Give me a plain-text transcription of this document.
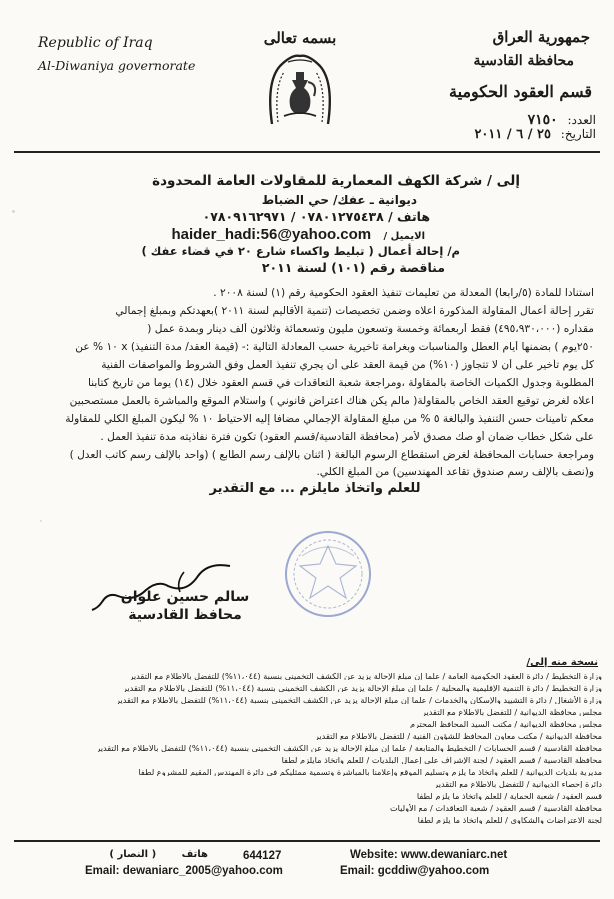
Republic of Iraq
Al-Diwaniya governorate
بسمه تعالى	جمهورية العراق
محافظة القادسية
قسم العقود الحكومية
العدد: ٧١٥٠
التاريخ: ٢٥ / ٦ / ٢٠١١
إلى / شركة الكهف المعمارية للمقاولات العامة المحدودة
ديوانية ـ عفك/ حي الضباط
هاتف / ٠٧٨٠١٢٧٥٤٣٨ / ٠٧٨٠٩١٦٢٩٧١
الايميل / haider_hadi:56@yahoo.com
م/ إحالة أعمال ( تبليط واكساء شارع ٢٠ في قضاء عفك )
مناقصة رقم (١٠١) لسنة ٢٠١١
استنادا للمادة (٥/رابعا) المعدلة من تعليمات تنفيذ العقود الحكومية رقم (١) لسنة ٢٠٠٨ .
تقرر إحالة أعمال المقاولة المذكورة اعلاه وضمن تخصيصات (تنمية الأقاليم لسنة ٢٠١١ )بعهدتكم وبمبلغ إجمالي
مقداره (٤٩٥،٩٣٠،٠٠٠) فقط أربعمائة وخمسة وتسعون مليون وتسعمائة وثلاثون ألف دينار وبمدة عمل (
٢٥٠يوم ) بضمنها أيام العطل والمناسبات وبغرامة تأخيرية حسب المعادلة التالية :- (قيمة العقد/ مدة التنفيذ) x ١٠ % عن
كل يوم تأخير على أن لا تتجاوز (١٠%) من قيمة العقد على أن يجري تنفيذ العمل وفق الشروط والمواصفات الفنية
المطلوبة وجدول الكميات الخاصة بالمقاولة ،ومراجعة شعبة التعاقدات في قسم العقود خلال (١٤) يوما من تاريخ كتابنا
اعلاه لغرض توقيع العقد الخاص بالمقاولة( مالم يكن هناك اعتراض قانوني ) واستلام الموقع والمباشرة بالعمل مستصحبين
معكم تأمينات حسن التنفيذ والبالغة ٥ % من مبلغ المقاولة الإجمالي مضافا إليه الاحتياط ١٠ % ليكون المبلغ الكلي للمقاولة
على شكل خطاب ضمان أو صك مصدق لأمر (محافظة القادسية/قسم العقود) تكون فترة نفاذيته مدة تنفيذ العمل .
ومراجعة حسابات المحافظة لغرض استقطاع الرسوم البالغة ( اثنان بالإلف رسم الطابع ) (واحد بالإلف رسم كاتب العدل )
و(نصف بالإلف رسم صندوق تقاعد المهندسين) من المبلغ الكلي.
للعلم واتخاذ مايلزم ... مع التقدير
سالم حسين علوان
محافظ القادسية
نسخة منه إلى/
وزارة التخطيط / دائرة العقود الحكومية العامة / علما إن مبلغ الإحالة يزيد عن الكشف التخميني بنسبة (١١،٠٤٤%) للتفضل بالاطلاع مع التقدير
وزارة التخطيط / دائرة التنمية الإقليمية والمحلية / علما إن مبلغ الإحالة يزيد عن الكشف التخميني بنسبة (١١،٠٤٤%) للتفضل بالاطلاع مع التقدير
وزارة الأشغال / دائرة التشييد والإسكان والخدمات / علما إن مبلغ الإحالة يزيد عن الكشف التخميني بنسبة (١١،٠٤٤%) للتفضل بالاطلاع مع التقدير
مجلس محافظة الديوانية / للتفضل بالاطلاع مع التقدير
مجلس محافظة الديوانية / مكتب السيد المحافظ المحترم
محافظة الديوانية / مكتب معاون المحافظ للشؤون الفنية / للتفضل بالاطلاع مع التقدير
محافظة القادسية / قسم الحسابات / التخطيط والمتابعة / علما إن مبلغ الإحالة يزيد عن الكشف التخميني بنسبة (١١،٠٤٤%) للتفضل بالاطلاع مع التقدير
محافظة القادسية / قسم العقود / لجنة الإشراف على إعمال البلديات / للعلم واتخاذ مايلزم لطفا
مديرية بلديات الديوانية / للعلم واتخاذ ما يلزم وتسليم الموقع وإعلامنا بالمباشرة وتسمية ممثليكم في دائرة المهندس المقيم للمشروع لطفا
دائرة إحصاء الديوانية / للتفضل بالاطلاع مع التقدير
قسم العقود / شعبة الحماية / للعلم واتخاذ ما يلزم لطفا
محافظة القادسية / قسم العقود / شعبة التعاقدات / مع الأوليات
لجنة الاعتراضات والشكاوى / للعلم واتخاذ ما يلزم لطفا
Website: www.dewaniarc.net
644127
هاتف ( النصار )
Email: gcddiw@yahoo.com
Email: dewaniarc_2005@yahoo.com
